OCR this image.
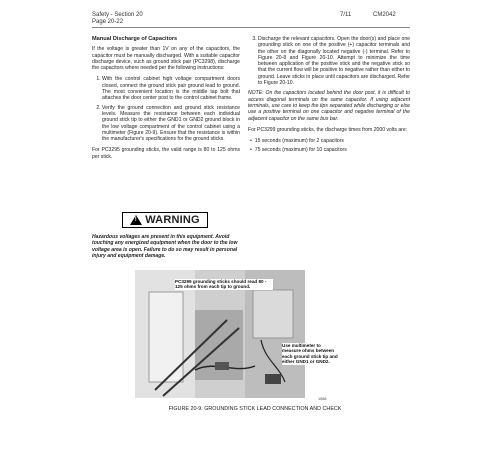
Safety - Section 20
Page 20-22
7/11	CM2042

Manual Discharge of Capacitors

If the voltage is greater than 1V on any of the capacitors, the capacitor must be manually discharged. With a suitable capacitor discharge device, such as ground stick pair (PC3298), discharge the capacitors where needed per the following instructions:

1. With the control cabinet high voltage compartment doors closed, connect the ground stick pair ground lead to ground. The most convenient location is the middle tap bolt that attaches the door center post to the control cabinet frame.
2. Verify the ground connection and ground stick resistance levels. Measure the resistance between each individual ground stick tip to either the GND1 or GND2 ground block in the low voltage compartment of the control cabinet using a multimeter (Figure 20-9). Ensure that the resistance is within the manufacturer's specifications for the ground sticks.

For PC3295 grounding sticks, the valid range is 80 to 125 ohms per stick.

3. Discharge the relevant capacitors. Open the door(s) and place one grounding stick on one of the positive (+) capacitor terminals and the other on the diagonally located negative (-) terminal. Refer to Figure 20-8 and Figure 20-10. Attempt to minimize the time between application of the positive stick and the negative stick so that the current flow will be positive to negative rather than either to ground. Leave sticks in place until capacitors are discharged. Refer to Figure 20-10.

NOTE: On the capacitors located behind the door post, it is difficult to access diagonal terminals on the same capacitor. If using adjacent terminals, use care to keep the tips separated while discharging or else use a positive terminal on one capacitor and negative terminal of the adjacent capacitor on the same bus bar.

For PC3299 grounding sticks, the discharge times from 2000 volts are:

• 15 seconds (maximum) for 2 capacitors
• 75 seconds (maximum) for 10 capacitors
! WARNING
Hazardous voltages are present in this equipment. Avoid touching any energized equipment when the door to the low voltage area is open. Failure to do so may result in personal injury and equipment damage.
PC3299 grounding sticks should read 80 - 125 ohms from each tip to ground.
Use multimeter to measure ohms between each ground stick tip and either GND1 or GND2.
1068
FIGURE 20-9. GROUNDING STICK LEAD CONNECTION AND CHECK
